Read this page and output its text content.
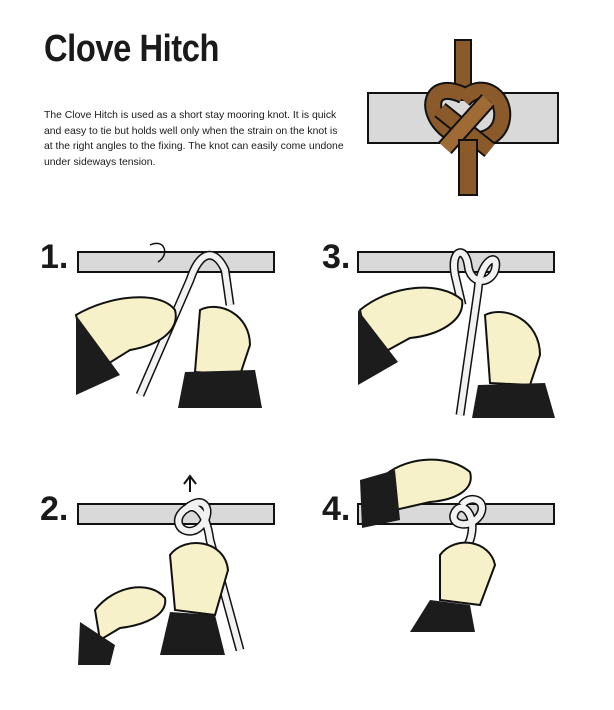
Clove Hitch
The Clove Hitch is used as a short stay mooring knot. It is quick and easy to tie but holds well only when the strain on the knot is at the right angles to the fixing. The knot can easily come undone under sideways tension.
1.
2.
3.
4.
